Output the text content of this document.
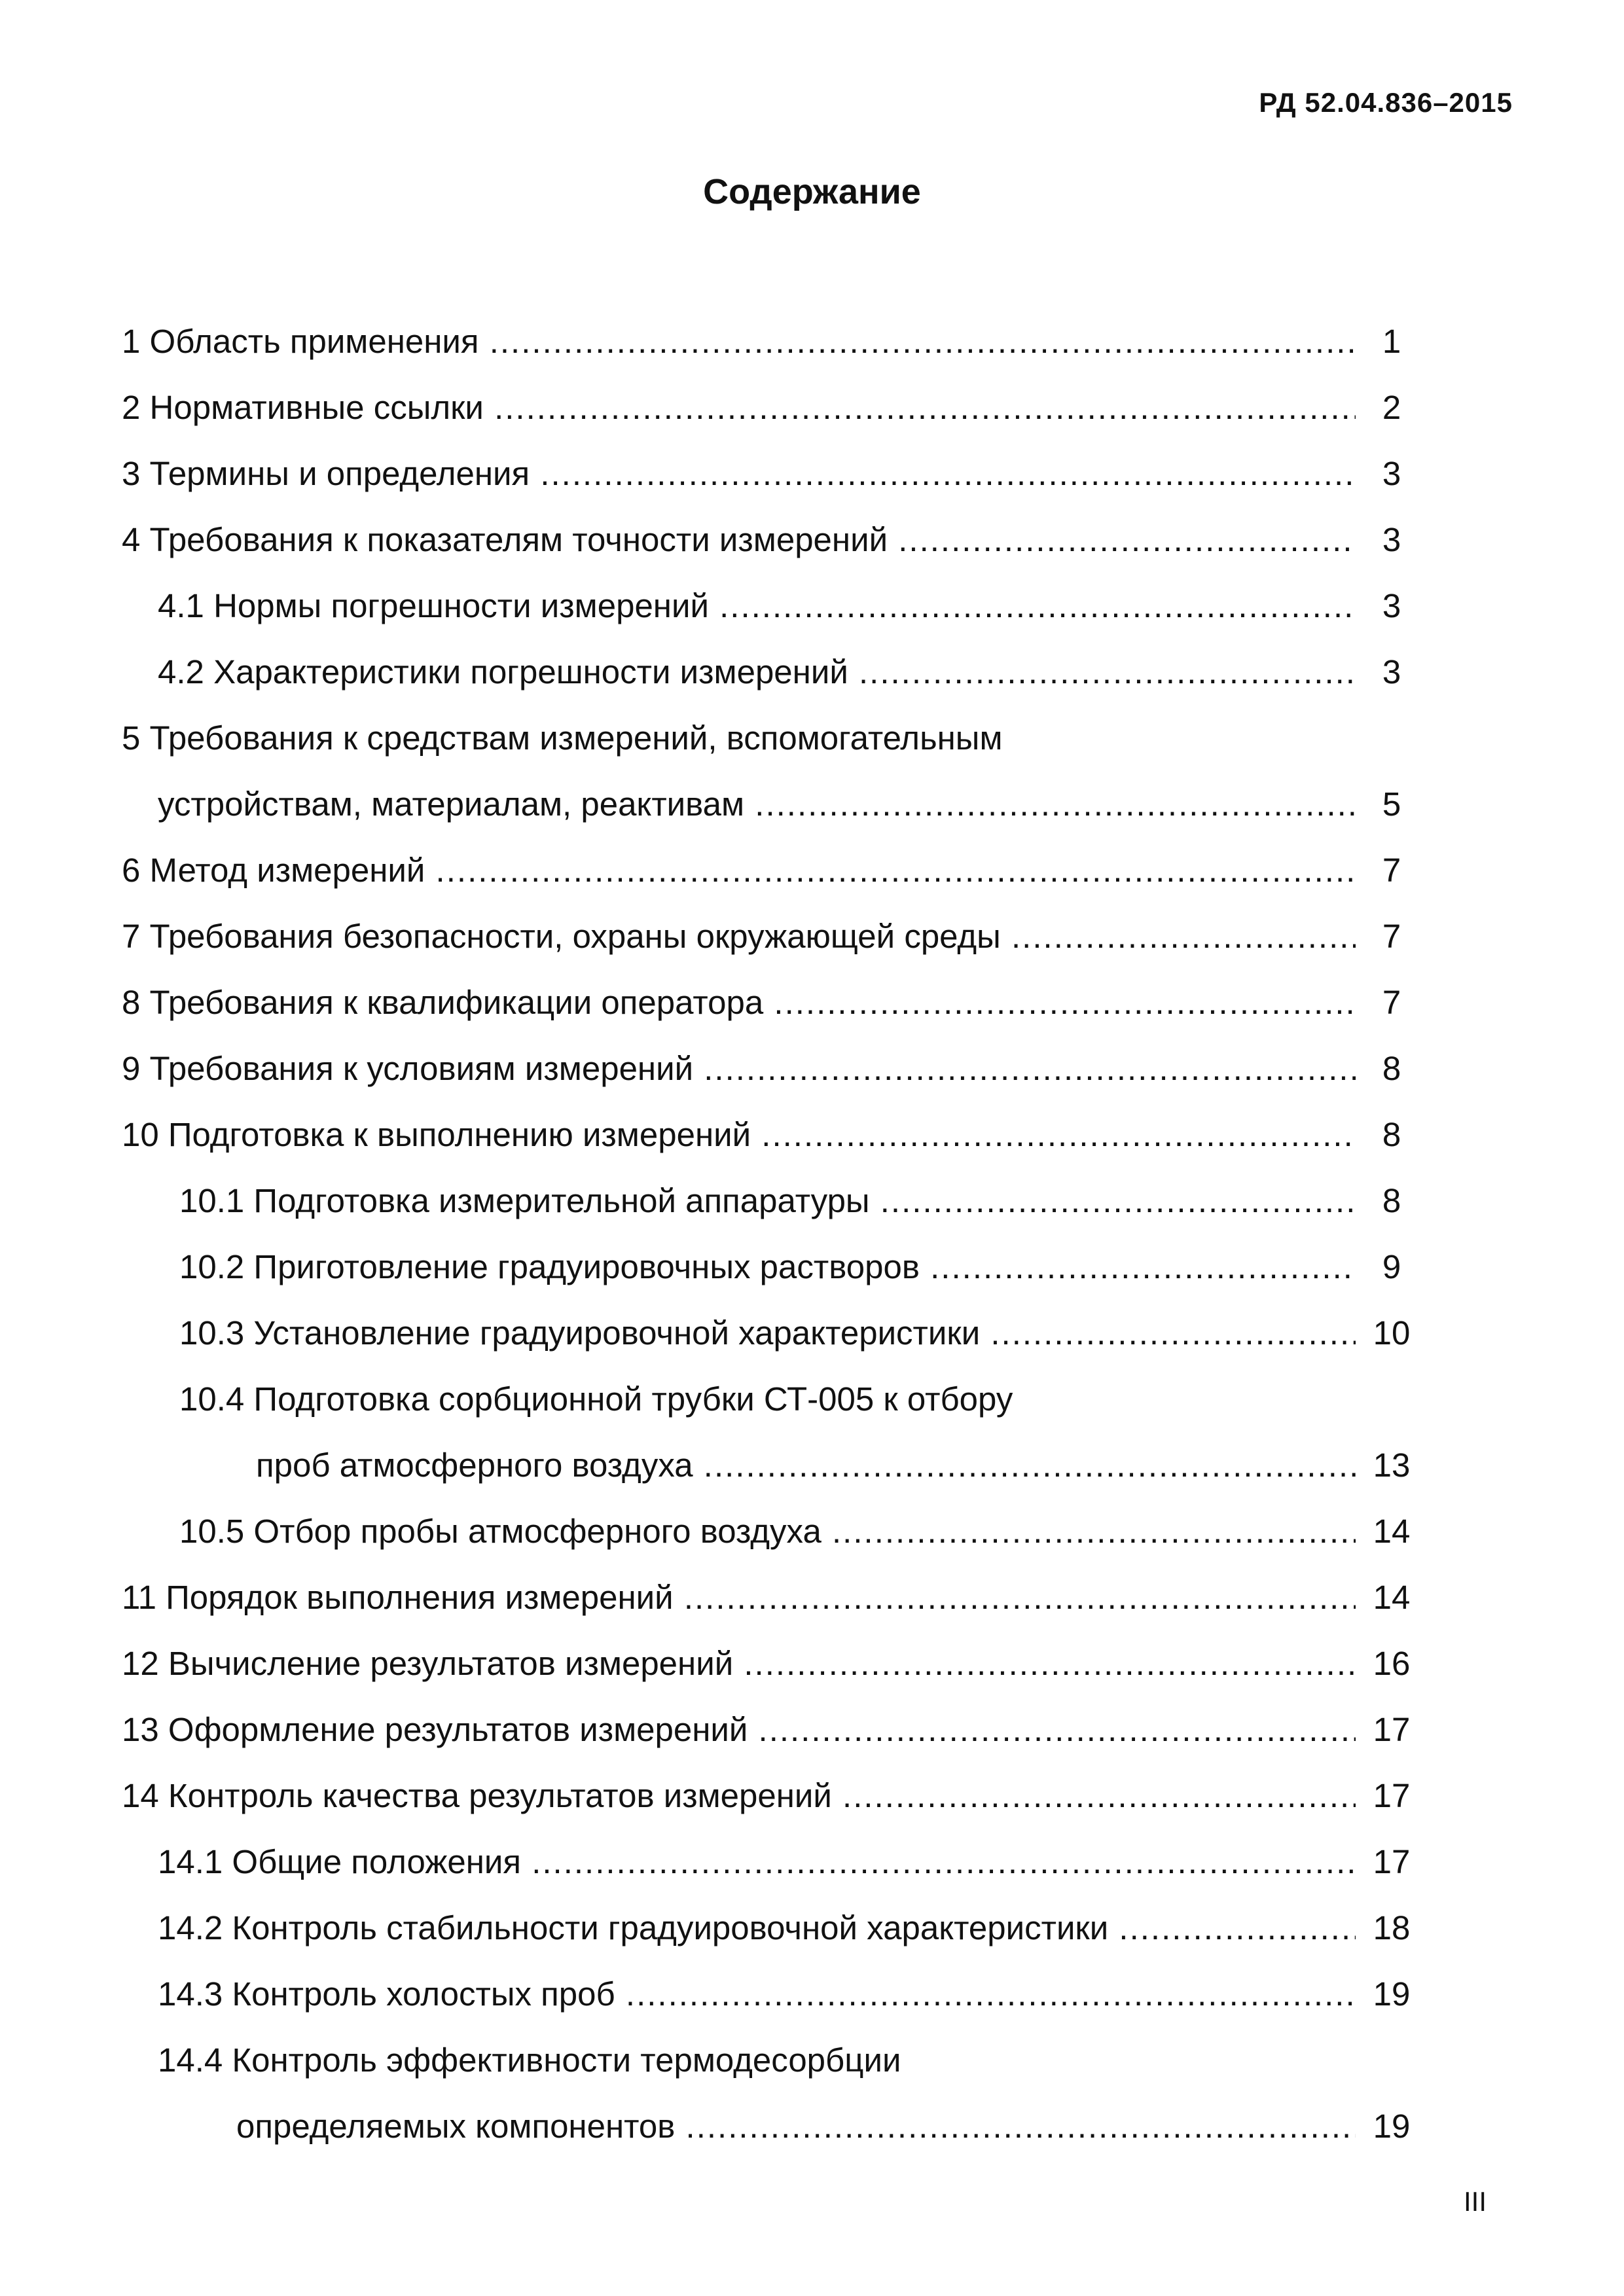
РД 52.04.836–2015
Содержание
1 Область применения .....	1
2 Нормативные ссылки .....	2
3 Термины и определения .....	3
4 Требования к показателям точности измерений .....	3
4.1 Нормы погрешности измерений .....	3
4.2 Характеристики погрешности измерений .....	3
5 Требования к средствам измерений, вспомогательным
устройствам, материалам, реактивам .....	5
6 Метод измерений .....	7
7 Требования безопасности, охраны окружающей среды .....	7
8 Требования к квалификации оператора .....	7
9 Требования к условиям измерений .....	8
10 Подготовка к выполнению измерений .....	8
10.1 Подготовка измерительной аппаратуры .....	8
10.2 Приготовление градуировочных растворов .....	9
10.3 Установление градуировочной характеристики .....	10
10.4 Подготовка сорбционной трубки СТ-005 к отбору
проб атмосферного воздуха .....	13
10.5 Отбор пробы атмосферного воздуха .....	14
11 Порядок выполнения измерений .....	14
12 Вычисление результатов измерений .....	16
13 Оформление результатов измерений .....	17
14 Контроль качества результатов измерений .....	17
14.1 Общие положения .....	17
14.2 Контроль стабильности градуировочной характеристики .....	18
14.3 Контроль холостых проб .....	19
14.4 Контроль эффективности термодесорбции
определяемых компонентов .....	19
III
